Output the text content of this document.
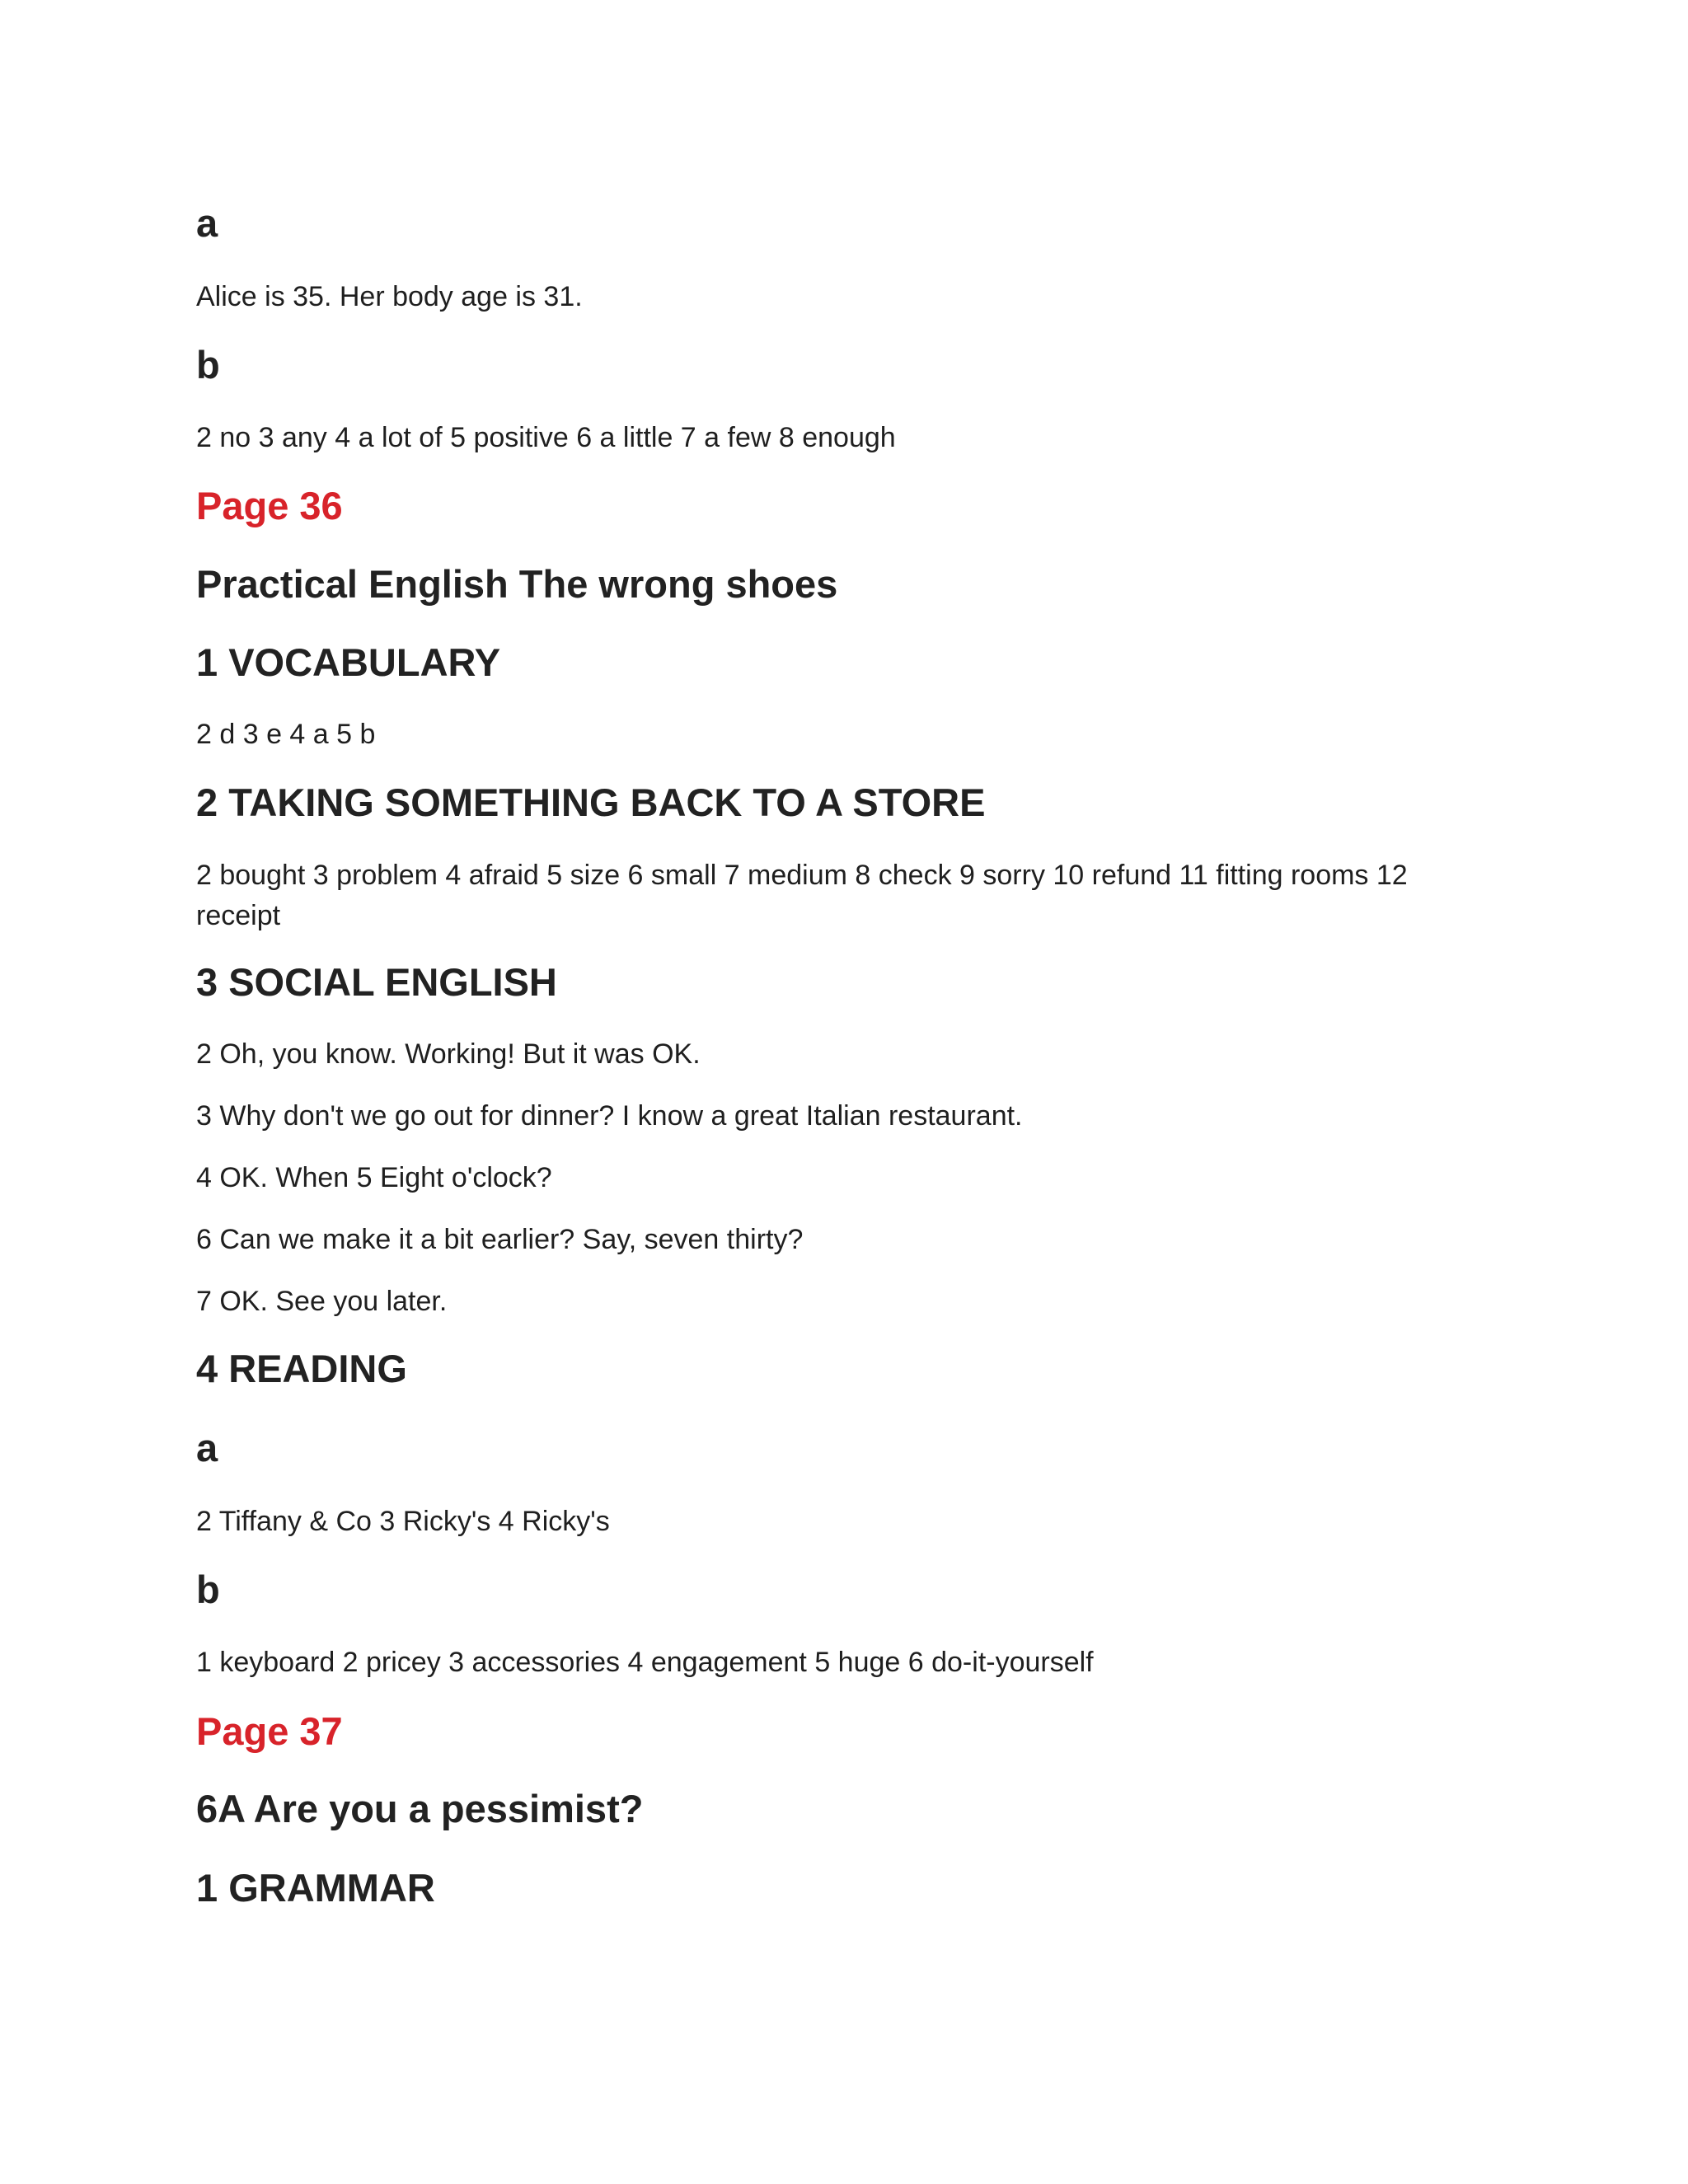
a

Alice is 35. Her body age is 31.

b

2 no 3 any 4 a lot of 5 positive 6 a little 7 a few 8 enough

Page 36
Practical English The wrong shoes
1 VOCABULARY

2 d 3 e 4 a 5 b

2 TAKING SOMETHING BACK TO A STORE

2 bought 3 problem 4 afraid 5 size 6 small 7 medium 8 check 9 sorry 10 refund 11 fitting rooms 12 receipt

3 SOCIAL ENGLISH

2 Oh, you know. Working! But it was OK.

3 Why don't we go out for dinner? I know a great Italian restaurant.

4 OK. When 5 Eight o'clock?

6 Can we make it a bit earlier? Say, seven thirty?

7 OK. See you later.

4 READING
a

2 Tiffany & Co 3 Ricky's 4 Ricky's

b

1 keyboard 2 pricey 3 accessories 4 engagement 5 huge 6 do-it-yourself

Page 37
6A Are you a pessimist?
1 GRAMMAR
